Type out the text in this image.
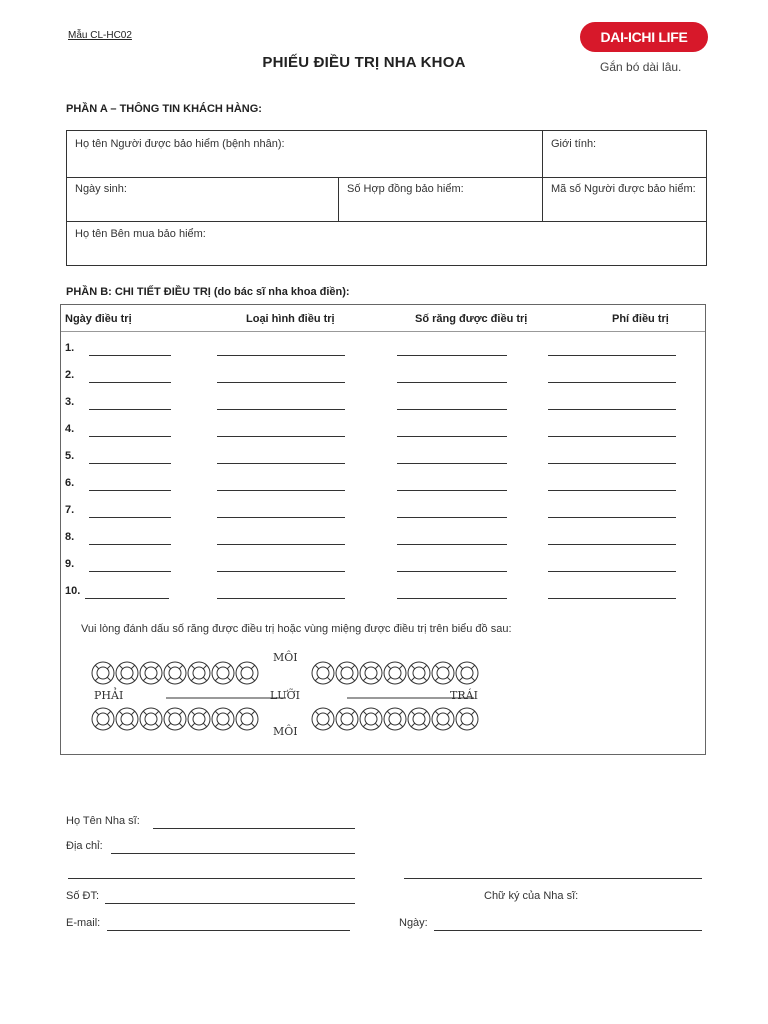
Mẫu CL-HC02
PHIẾU ĐIỀU TRỊ NHA KHOA
DAI-ICHI LIFE
Gắn bó dài lâu.
PHẦN A – THÔNG TIN KHÁCH HÀNG:
Họ tên Người được bảo hiểm (bệnh nhân):	Giới tính:
Ngày sinh:	Số Hợp đồng bảo hiểm:	Mã số Người được bảo hiểm:
Họ tên Bên mua bảo hiểm:
PHẦN B: CHI TIẾT ĐIỀU TRỊ (do bác sĩ nha khoa điền):
Ngày điều trị	Loại hình điều trị	Số răng được điều trị	Phí điều trị
1.
2.
3.
4.
5.
6.
7.
8.
9.
10.
Vui lòng đánh dấu số răng được điều trị hoặc vùng miệng được điều trị trên biểu đồ sau:
MÔI
PHẢI	LƯỠI	TRÁI
MÔI
Họ Tên Nha sĩ:
Địa chỉ:
Chữ ký của Nha sĩ:
Số ĐT:
E-mail:	Ngày:
